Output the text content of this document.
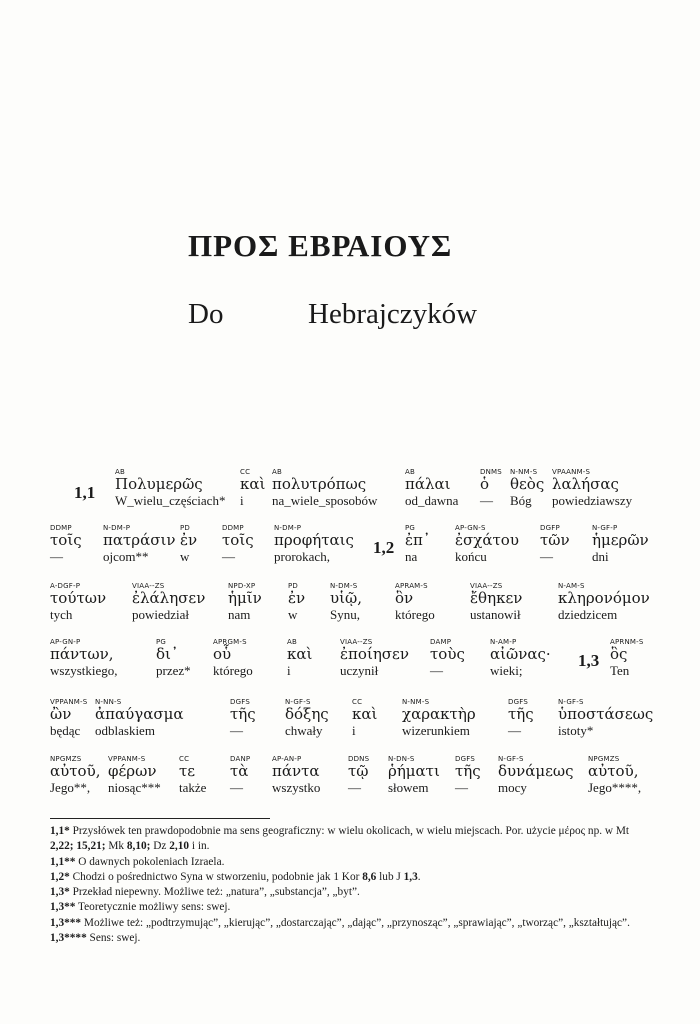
ΠΡΟΣ ΕΒΡΑΙΟΥΣ
Do	Hebrajczyków
1,1
1,2
1,3
AB
Πολυμερῶς
W_wielu_częściach*
CC
καὶ
i
AB
πολυτρόπως
na_wiele_sposobów
AB
πάλαι
od_dawna
DNMS
ὁ
—
N-NM-S
θεὸς
Bóg
VPAANM-S
λαλήσας
powiedziawszy
DDMP
τοῖς
—
N-DM-P
πατράσιν
ojcom**
PD
ἐν
w
DDMP
τοῖς
—
N-DM-P
προφήταις
prorokach,
PG
ἐπ᾽
na
AP-GN-S
ἐσχάτου
końcu
DGFP
τῶν
—
N-GF-P
ἡμερῶν
dni
A-DGF-P
τούτων
tych
VIAA--ZS
ἐλάλησεν
powiedział
NPD-XP
ἡμῖν
nam
PD
ἐν
w
N-DM-S
υἱῷ,
Synu,
APRAM-S
ὃν
którego
VIAA--ZS
ἔθηκεν
ustanowił
N-AM-S
κληρονόμον
dziedzicem
AP-GN-P
πάντων,
wszystkiego,
PG
δι᾽
przez*
APRGM-S
οὗ
którego
AB
καὶ
i
VIAA--ZS
ἐποίησεν
uczynił
DAMP
τοὺς
—
N-AM-P
αἰῶνας·
wieki;
APRNM-S
ὃς
Ten
VPPANM-S
ὢν
będąc
N-NN-S
ἀπαύγασμα
odblaskiem
DGFS
τῆς
—
N-GF-S
δόξης
chwały
CC
καὶ
i
N-NM-S
χαρακτὴρ
wizerunkiem
DGFS
τῆς
—
N-GF-S
ὑποστάσεως
istoty*
NPGMZS
αὐτοῦ,
Jego**,
VPPANM-S
φέρων
niosąc***
CC
τε
także
DANP
τὰ
—
AP-AN-P
πάντα
wszystko
DDNS
τῷ
—
N-DN-S
ῥήματι
słowem
DGFS
τῆς
—
N-GF-S
δυνάμεως
mocy
NPGMZS
αὐτοῦ,
Jego****,

1,1* Przysłówek ten prawdopodobnie ma sens geograficzny: w wielu okolicach, w wielu miejscach. Por. użycie μέρος np. w Mt 2,22; 15,21; Mk 8,10; Dz 2,10 i in.

1,1** O dawnych pokoleniach Izraela.

1,2* Chodzi o pośrednictwo Syna w stworzeniu, podobnie jak 1 Kor 8,6 lub J 1,3.

1,3* Przekład niepewny. Możliwe też: „natura”, „substancja”, „byt”.

1,3** Teoretycznie możliwy sens: swej.

1,3*** Możliwe też: „podtrzymując”, „kierując”, „dostarczając”, „dając”, „przynosząc”, „sprawiając”, „tworząc”, „kształtując”.

1,3**** Sens: swej.
